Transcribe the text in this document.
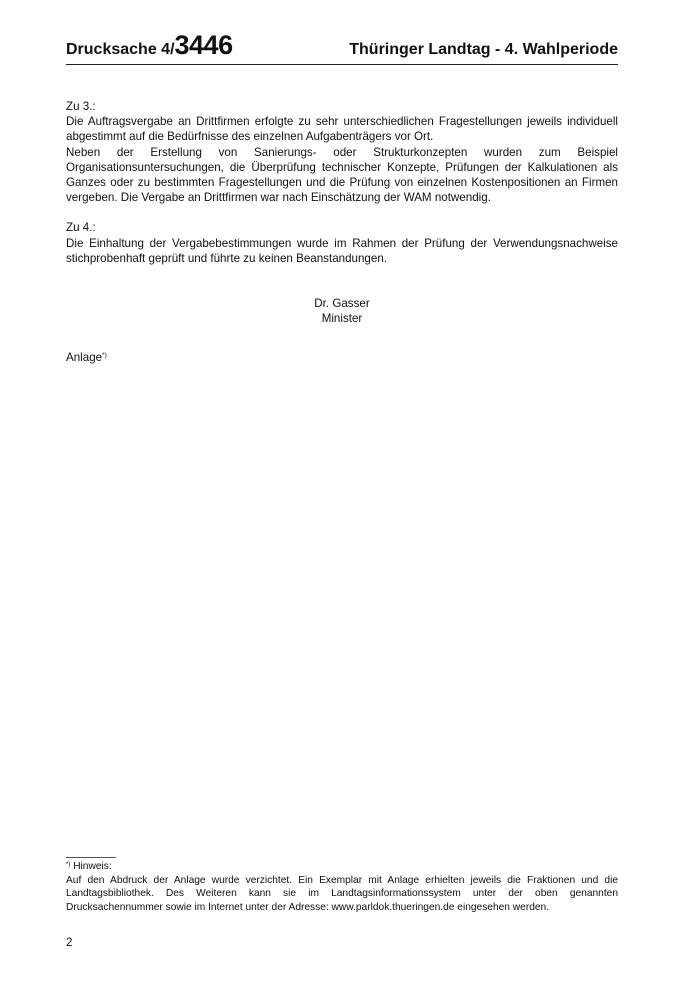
Drucksache 4/3446	Thüringer Landtag - 4. Wahlperiode

Zu 3.:

Die Auftragsvergabe an Drittfirmen erfolgte zu sehr unterschiedlichen Fragestellungen jeweils individuell abgestimmt auf die Bedürfnisse des einzelnen Aufgabenträgers vor Ort.

Neben der Erstellung von Sanierungs- oder Strukturkonzepten wurden zum Beispiel Organisationsuntersuchungen, die Überprüfung technischer Konzepte, Prüfungen der Kalkulationen als Ganzes oder zu bestimmten Fragestellungen und die Prüfung von einzelnen Kostenpositionen an Firmen vergeben. Die Vergabe an Drittfirmen war nach Einschätzung der WAM notwendig.

Zu 4.:

Die Einhaltung der Vergabebestimmungen wurde im Rahmen der Prüfung der Verwendungsnachweise stichprobenhaft geprüft und führte zu keinen Beanstandungen.

Dr. Gasser
Minister
Anlage*)

*) Hinweis:

Auf den Abdruck der Anlage wurde verzichtet. Ein Exemplar mit Anlage erhielten jeweils die Fraktionen und die Landtagsbibliothek. Des Weiteren kann sie im Landtagsinformationssystem unter der oben genannten Drucksachennummer sowie im Internet unter der Adresse: www.parldok.thueringen.de eingesehen werden.

2
